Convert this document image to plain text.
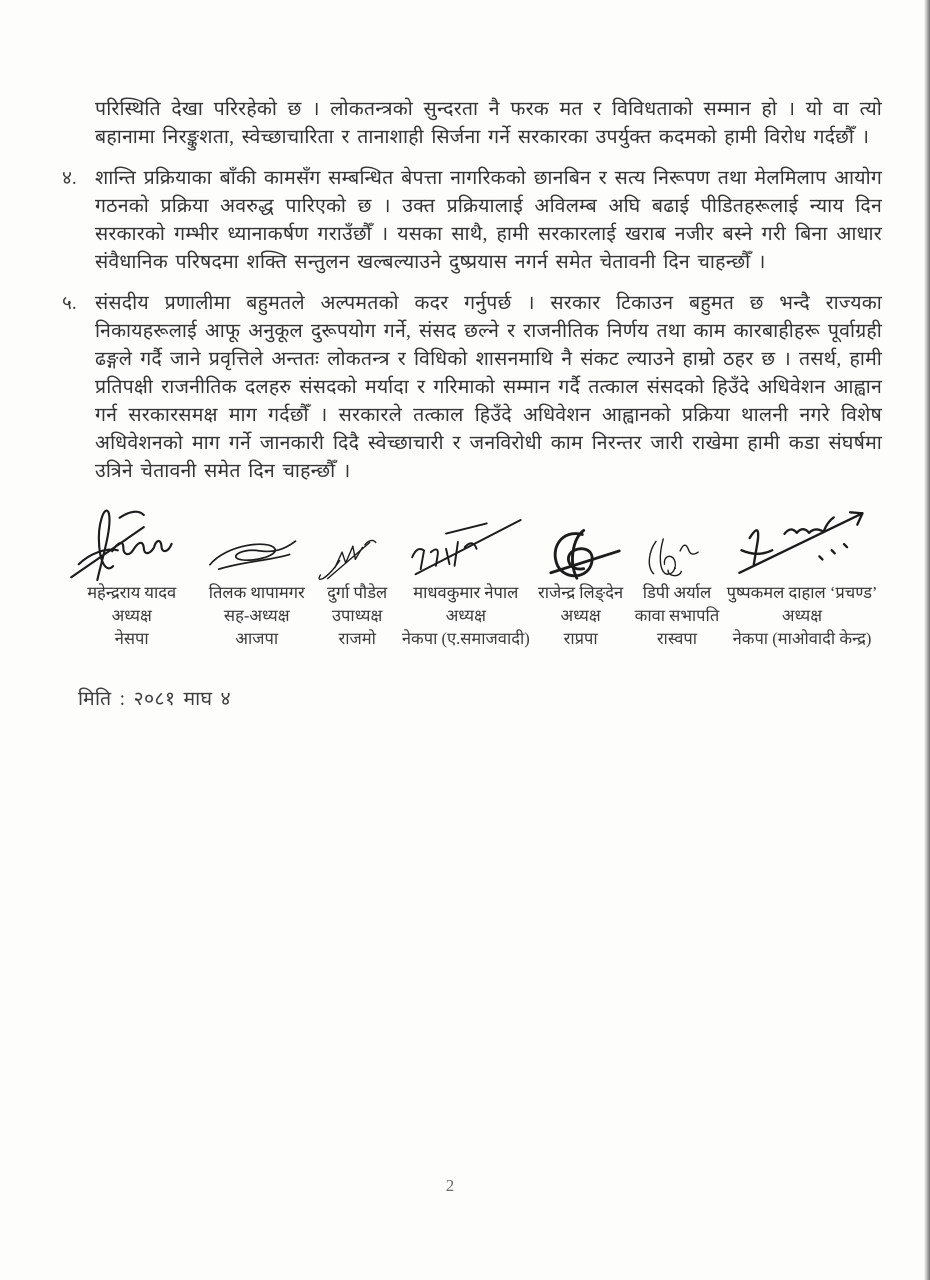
परिस्थिति देखा परिरहेको छ । लोकतन्त्रको सुन्दरता नै फरक मत र विविधताको सम्मान हो । यो वा त्यो बहानामा निरङ्कुशता, स्वेच्छाचारिता र तानाशाही सिर्जना गर्ने सरकारका उपर्युक्त कदमको हामी विरोध गर्दछौँ ।
४. शान्ति प्रक्रियाका बाँकी कामसँग सम्बन्धित बेपत्ता नागरिकको छानबिन र सत्य निरूपण तथा मेलमिलाप आयोग गठनको प्रक्रिया अवरुद्ध पारिएको छ । उक्त प्रक्रियालाई अविलम्ब अघि बढाई पीडितहरूलाई न्याय दिन सरकारको गम्भीर ध्यानाकर्षण गराउँछौँ । यसका साथै, हामी सरकारलाई खराब नजीर बस्ने गरी बिना आधार संवैधानिक परिषदमा शक्ति सन्तुलन खल्बल्याउने दुष्प्रयास नगर्न समेत चेतावनी दिन चाहन्छौँ ।
५. संसदीय प्रणालीमा बहुमतले अल्पमतको कदर गर्नुपर्छ । सरकार टिकाउन बहुमत छ भन्दै राज्यका निकायहरूलाई आफू अनुकूल दुरूपयोग गर्ने, संसद छल्ने र राजनीतिक निर्णय तथा काम कारबाहीहरू पूर्वाग्रही ढङ्गले गर्दै जाने प्रवृत्तिले अन्ततः लोकतन्त्र र विधिको शासनमाथि नै संकट ल्याउने हाम्रो ठहर छ । तसर्थ, हामी प्रतिपक्षी राजनीतिक दलहरु संसदको मर्यादा र गरिमाको सम्मान गर्दै तत्काल संसदको हिउँदे अधिवेशन आह्वान गर्न सरकारसमक्ष माग गर्दछौँ । सरकारले तत्काल हिउँदे अधिवेशन आह्वानको प्रक्रिया थालनी नगरे विशेष अधिवेशनको माग गर्ने जानकारी दिदै स्वेच्छाचारी र जनविरोधी काम निरन्तर जारी राखेमा हामी कडा संघर्षमा उत्रिने चेतावनी समेत दिन चाहन्छौँ ।
महेन्द्रराय यादव
अध्यक्ष
नेसपा
तिलक थापामगर
सह-अध्यक्ष
आजपा
दुर्गा पौडेल
उपाध्यक्ष
राजमो
माधवकुमार नेपाल
अध्यक्ष
नेकपा (ए.समाजवादी)
राजेन्द्र लिङ्देन
अध्यक्ष
राप्रपा
डिपी अर्याल
कावा सभापति
रास्वपा
पुष्पकमल दाहाल ‘प्रचण्ड’
अध्यक्ष
नेकपा (माओवादी केन्द्र)
मिति : २०८१ माघ ४
2
